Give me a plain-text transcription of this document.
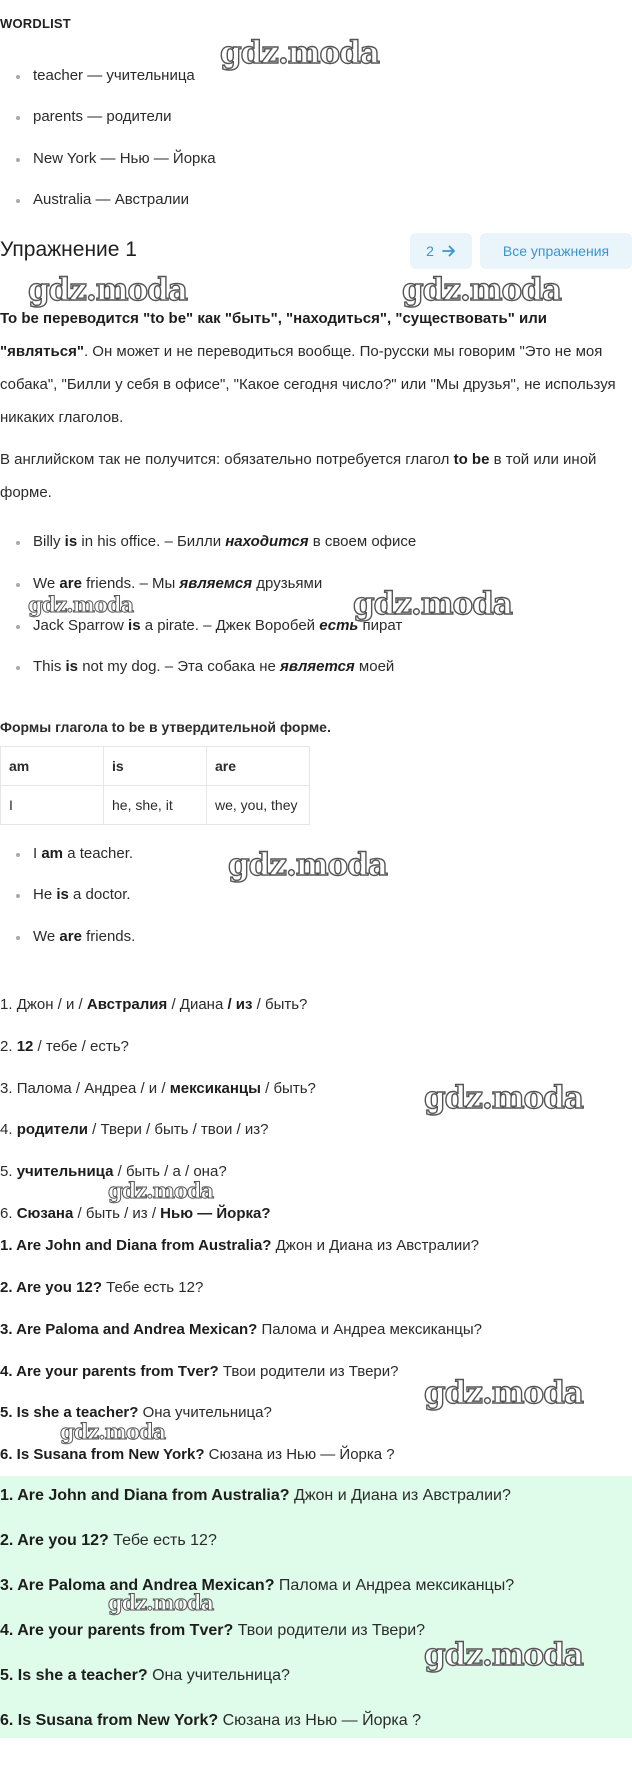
WORDLIST
teacher — учительница
parents — родители
New York — Нью — Йорка
Australia — Австралии
Упражнение 1	2	Все упражнения
To be переводится "to be" как "быть", "находиться", "существовать" или "являться". Он может и не переводиться вообще. По-русски мы говорим "Это не моя собака", "Билли у себя в офисе", "Какое сегодня число?" или "Мы друзья", не используя никаких глаголов.
В английском так не получится: обязательно потребуется глагол to be в той или иной форме.
Billy is in his office. – Билли находится в своем офисе
We are friends. – Мы являемся друзьями
Jack Sparrow is a pirate. – Джек Воробей есть пират
This is not my dog. – Эта собака не является моей
Формы глагола to be в утвердительной форме.
am	is	are
I	he, she, it	we, you, they
I am a teacher.
He is a doctor.
We are friends.
1. Джон / и / Австралия / Диана / из / быть?
2. 12 / тебе / есть?
3. Палома / Андреа / и / мексиканцы / быть?
4. родители / Твери / быть / твои / из?
5. учительница / быть / а / она?
6. Сюзана / быть / из / Нью — Йорка?
1. Are John and Diana from Australia? Джон и Диана из Австралии?
2. Are you 12? Тебе есть 12?
3. Are Paloma and Andrea Mexican? Палома и Андреа мексиканцы?
4. Are your parents from Tver? Твои родители из Твери?
5. Is she a teacher? Она учительница?
6. Is Susana from New York? Сюзана из Нью — Йорка ?
1. Are John and Diana from Australia? Джон и Диана из Австралии?
2. Are you 12? Тебе есть 12?
3. Are Paloma and Andrea Mexican? Палома и Андреа мексиканцы?
4. Are your parents from Tver? Твои родители из Твери?
5. Is she a teacher? Она учительница?
6. Is Susana from New York? Сюзана из Нью — Йорка ?
gdz.moda
gdz.moda	gdz.moda
gdz.moda	gdz.moda
gdz.moda
gdz.moda
gdz.moda
gdz.moda
gdz.moda
gdz.moda
gdz.moda
